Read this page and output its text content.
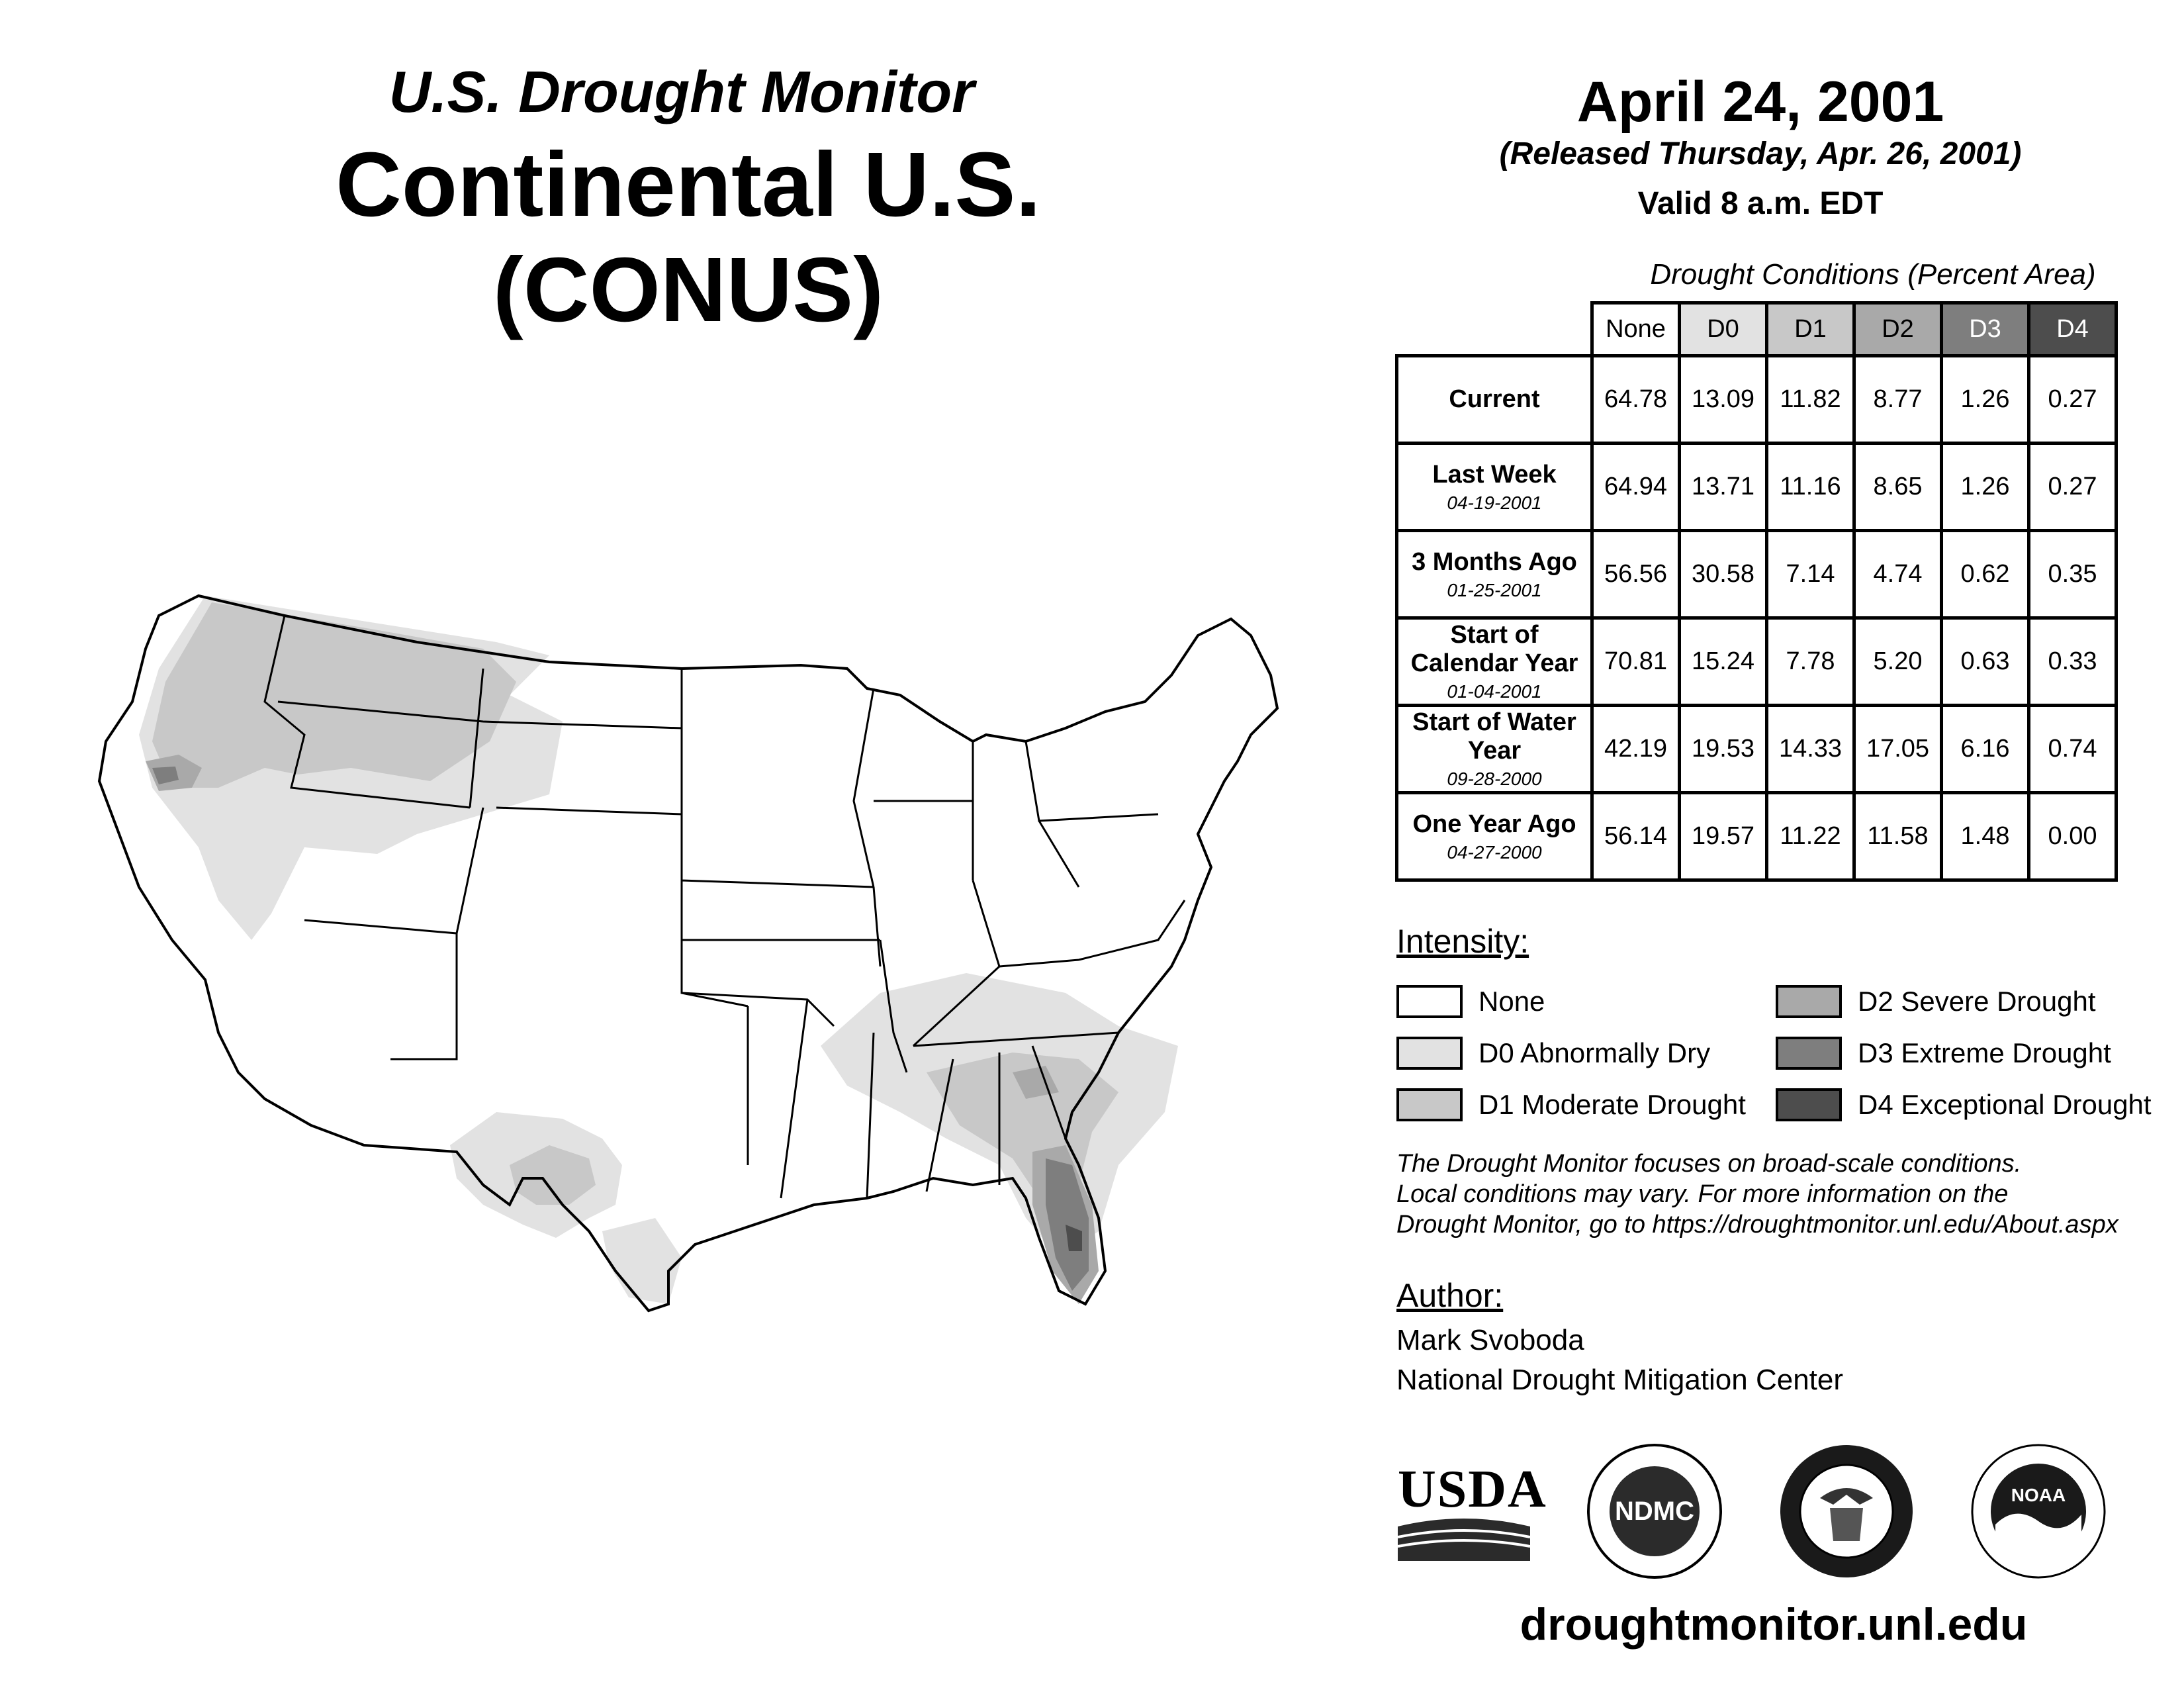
U.S. Drought Monitor
Continental U.S. (CONUS)
April 24, 2001
(Released Thursday, Apr. 26, 2001)
Valid 8 a.m. EDT
Drought Conditions (Percent Area)
	None	D0	D1	D2	D3	D4
Current	64.78	13.09	11.82	8.77	1.26	0.27
Last Week
04-19-2001	64.94	13.71	11.16	8.65	1.26	0.27
3 Months Ago
01-25-2001	56.56	30.58	7.14	4.74	0.62	0.35
Start of Calendar Year
01-04-2001	70.81	15.24	7.78	5.20	0.63	0.33
Start of Water Year
09-28-2000	42.19	19.53	14.33	17.05	6.16	0.74
One Year Ago
04-27-2000	56.14	19.57	11.22	11.58	1.48	0.00
Intensity:
None
D0 Abnormally Dry
D1 Moderate Drought
D2 Severe Drought
D3 Extreme Drought
D4 Exceptional Drought
The Drought Monitor focuses on broad-scale conditions.
Local conditions may vary. For more information on the
Drought Monitor, go to https://droughtmonitor.unl.edu/About.aspx
Author:
Mark Svoboda
National Drought Mitigation Center
USDA	NDMC
NOAA
droughtmonitor.unl.edu
